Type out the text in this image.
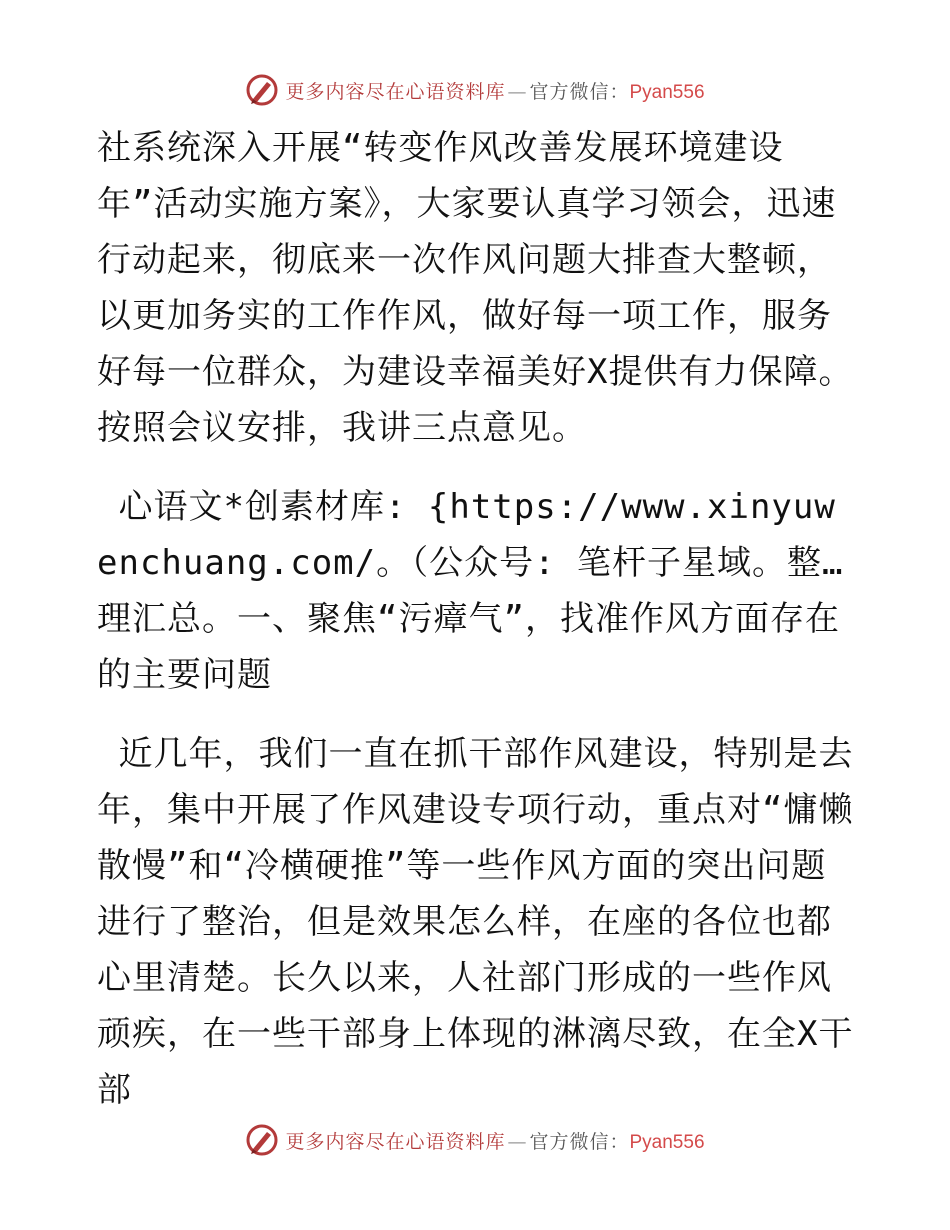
更多内容尽在心语资料库 — 官方微信：Pyan556

社系统深入开展“转变作风改善发展环境建设年”活动实施方案》，大家要认真学习领会，迅速行动起来，彻底来一次作风问题大排查大整顿，以更加务实的工作作风，做好每一项工作，服务好每一位群众，为建设幸福美好X提供有力保障。按照会议安排，我讲三点意见。

心语文*创素材库: {https://www.xinyuwenchuang.com/。（公众号: 笔杆子星域。整…理汇总。一、聚焦“污瘴气”，找准作风方面存在的主要问题

近几年，我们一直在抓干部作风建设，特别是去年，集中开展了作风建设专项行动，重点对“慵懒散慢”和“冷横硬推”等一些作风方面的突出问题进行了整治，但是效果怎么样，在座的各位也都心里清楚。长久以来，人社部门形成的一些作风顽疾，在一些干部身上体现的淋漓尽致，在全X干部

更多内容尽在心语资料库 — 官方微信：Pyan556
